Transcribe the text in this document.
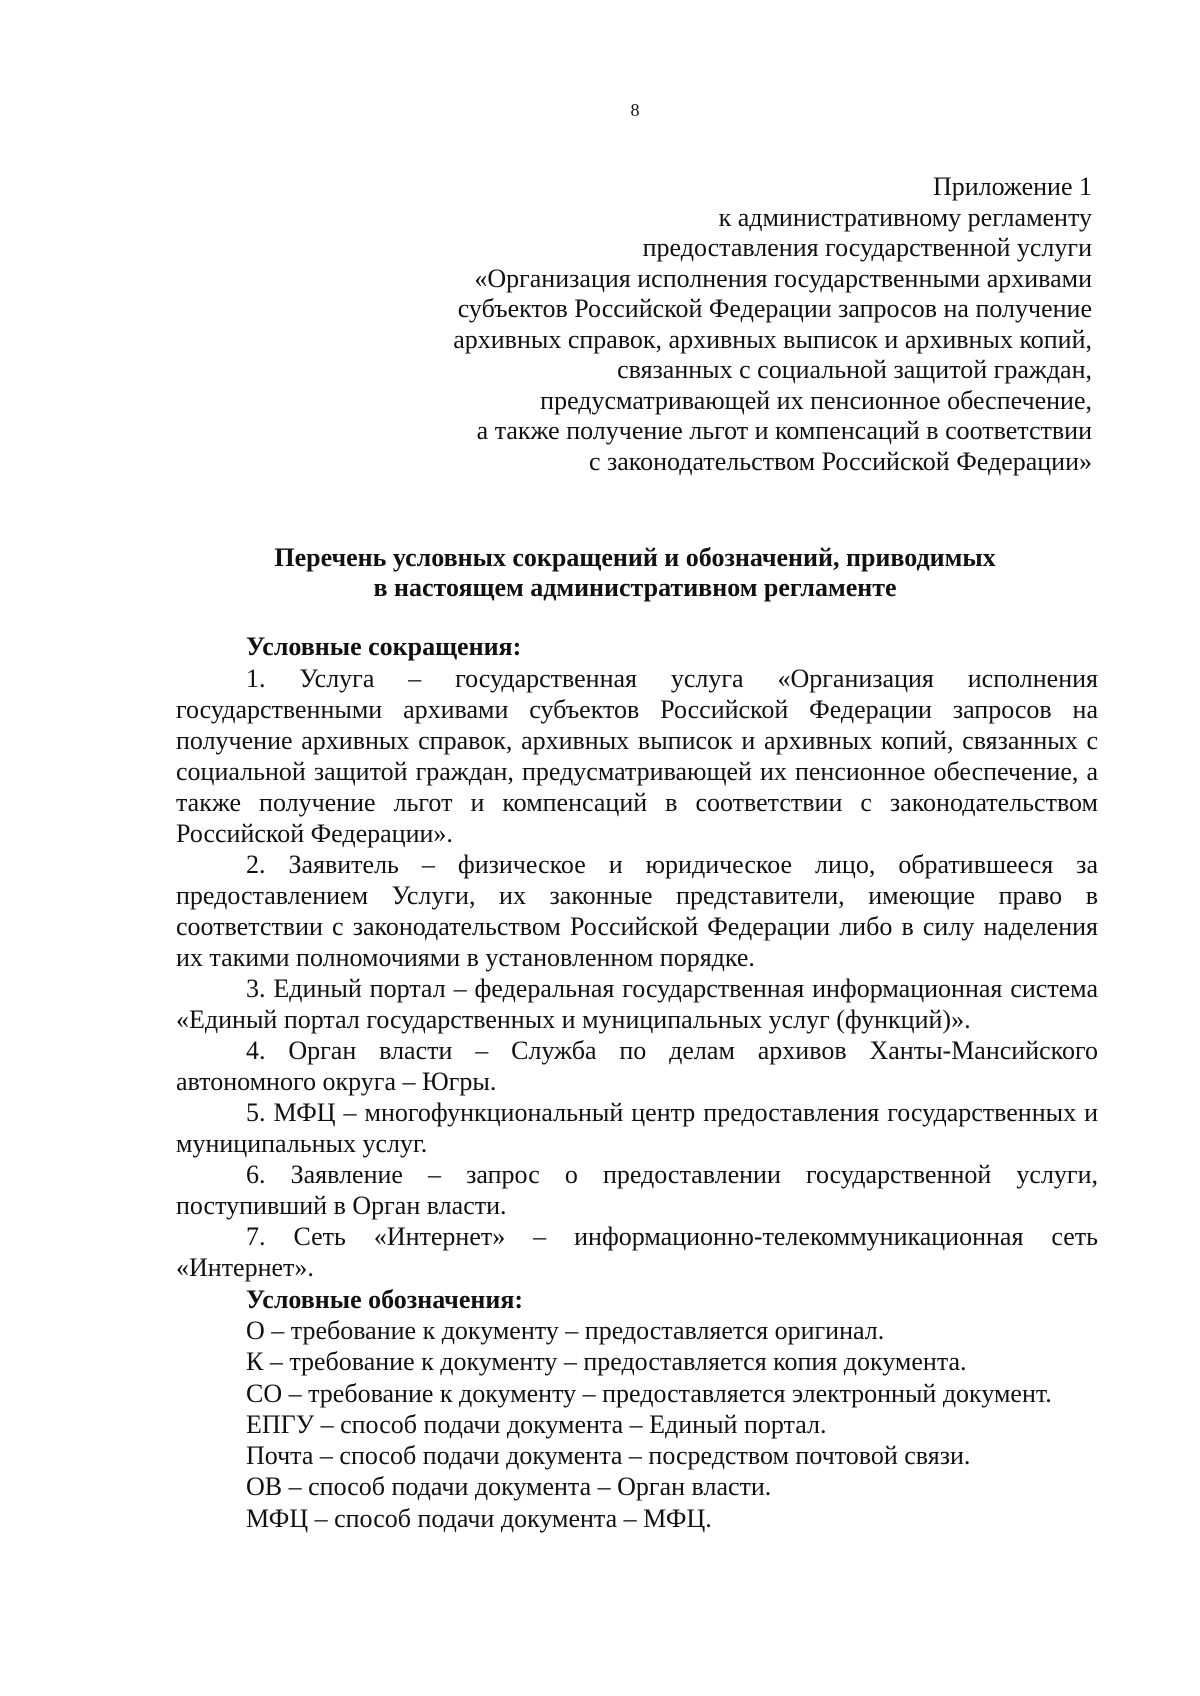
8
Приложение 1
к административному регламенту
предоставления государственной услуги
«Организация исполнения государственными архивами
субъектов Российской Федерации запросов на получение
архивных справок, архивных выписок и архивных копий,
связанных с социальной защитой граждан,
предусматривающей их пенсионное обеспечение,
а также получение льгот и компенсаций в соответствии
с законодательством Российской Федерации»
Перечень условных сокращений и обозначений, приводимых
в настоящем административном регламенте
Условные сокращения:

1. Услуга – государственная услуга «Организация исполнения государственными архивами субъектов Российской Федерации запросов на получение архивных справок, архивных выписок и архивных копий, связанных с социальной защитой граждан, предусматривающей их пенсионное обеспечение, а также получение льгот и компенсаций в соответствии с законодательством Российской Федерации».

2. Заявитель – физическое и юридическое лицо, обратившееся за предоставлением Услуги, их законные представители, имеющие право в соответствии с законодательством Российской Федерации либо в силу наделения их такими полномочиями в установленном порядке.

3. Единый портал – федеральная государственная информационная система «Единый портал государственных и муниципальных услуг (функций)».

4. Орган власти – Служба по делам архивов Ханты-Мансийского автономного округа – Югры.

5. МФЦ – многофункциональный центр предоставления государственных и муниципальных услуг.

6. Заявление – запрос о предоставлении государственной услуги, поступивший в Орган власти.

7. Сеть «Интернет» – информационно-телекоммуникационная сеть «Интернет».

Условные обозначения:
О – требование к документу – предоставляется оригинал.
К – требование к документу – предоставляется копия документа.
СО – требование к документу – предоставляется электронный документ.
ЕПГУ – способ подачи документа – Единый портал.
Почта – способ подачи документа – посредством почтовой связи.
ОВ – способ подачи документа – Орган власти.
МФЦ – способ подачи документа – МФЦ.
